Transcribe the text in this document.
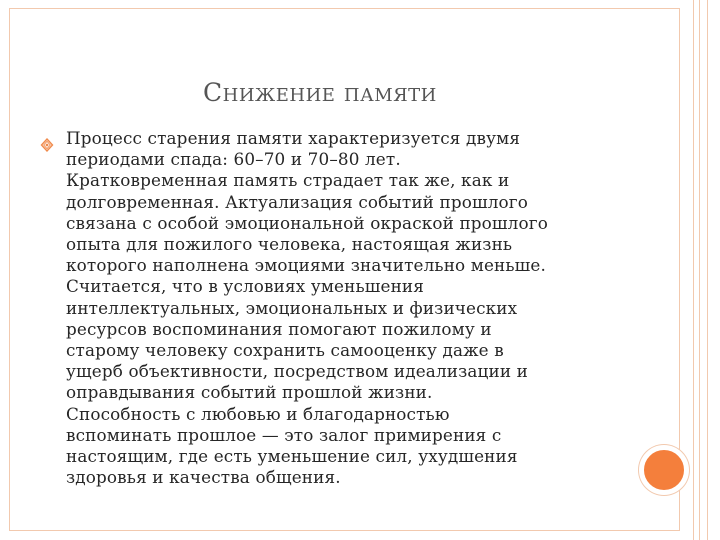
Снижение памяти

Процесс старения памяти характеризуется двумя
периодами спада: 60–70 и 70–80 лет.
Кратковременная память страдает так же, как и
долговременная. Актуализация событий прошлого
связана с особой эмоциональной окраской прошлого
опыта для пожилого человека, настоящая жизнь
которого наполнена эмоциями значительно меньше.
Считается, что в условиях уменьшения
интеллектуальных, эмоциональных и физических
ресурсов воспоминания помогают пожилому и
старому человеку сохранить самооценку даже в
ущерб объективности, посредством идеализации и
оправдывания событий прошлой жизни.
Способность с любовью и благодарностью
вспоминать прошлое — это залог примирения с
настоящим, где есть уменьшение сил, ухудшения
здоровья и качества общения.
